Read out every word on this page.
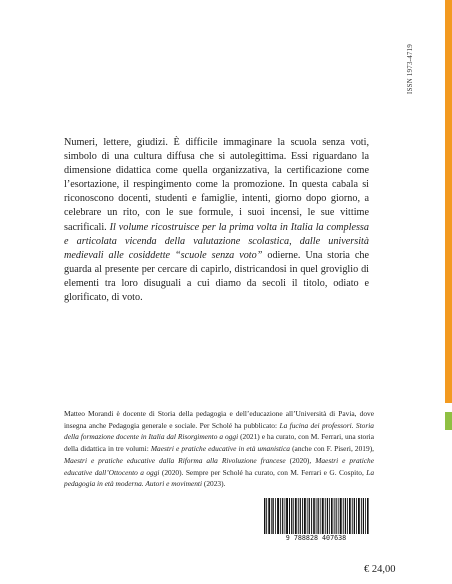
ISSN 1973-4719
Numeri, lettere, giudizi. È difficile immaginare la scuola senza voti, simbolo di una cultura diffusa che si autolegittima. Essi riguardano la dimensione didattica come quella organizzativa, la certificazione come l’esortazione, il respingimento come la promozione. In questa cabala si riconoscono docenti, studenti e famiglie, intenti, giorno dopo giorno, a celebrare un rito, con le sue formule, i suoi incensi, le sue vittime sacrificali. Il volume ricostruisce per la prima volta in Italia la complessa e articolata vicenda della valutazione scolastica, dalle università medievali alle cosiddette “scuole senza voto” odierne. Una storia che guarda al presente per cercare di capirlo, districandosi in quel groviglio di elementi tra loro disuguali a cui diamo da secoli il titolo, odiato e glorificato, di voto.
Matteo Morandi è docente di Storia della pedagogia e dell’educazione all’Università di Pavia, dove insegna anche Pedagogia generale e sociale. Per Scholé ha pubblicato: La fucina dei professori. Storia della formazione docente in Italia dal Risorgimento a oggi (2021) e ha curato, con M. Ferrari, una storia della didattica in tre volumi: Maestri e pratiche educative in età umanistica (anche con F. Piseri, 2019), Maestri e pratiche educative dalla Riforma alla Rivoluzione francese (2020), Maestri e pratiche educative dall’Ottocento a oggi (2020). Sempre per Scholé ha curato, con M. Ferrari e G. Cospito, La pedagogia in età moderna. Autori e movimenti (2023).
9 788828 407638
€ 24,00
